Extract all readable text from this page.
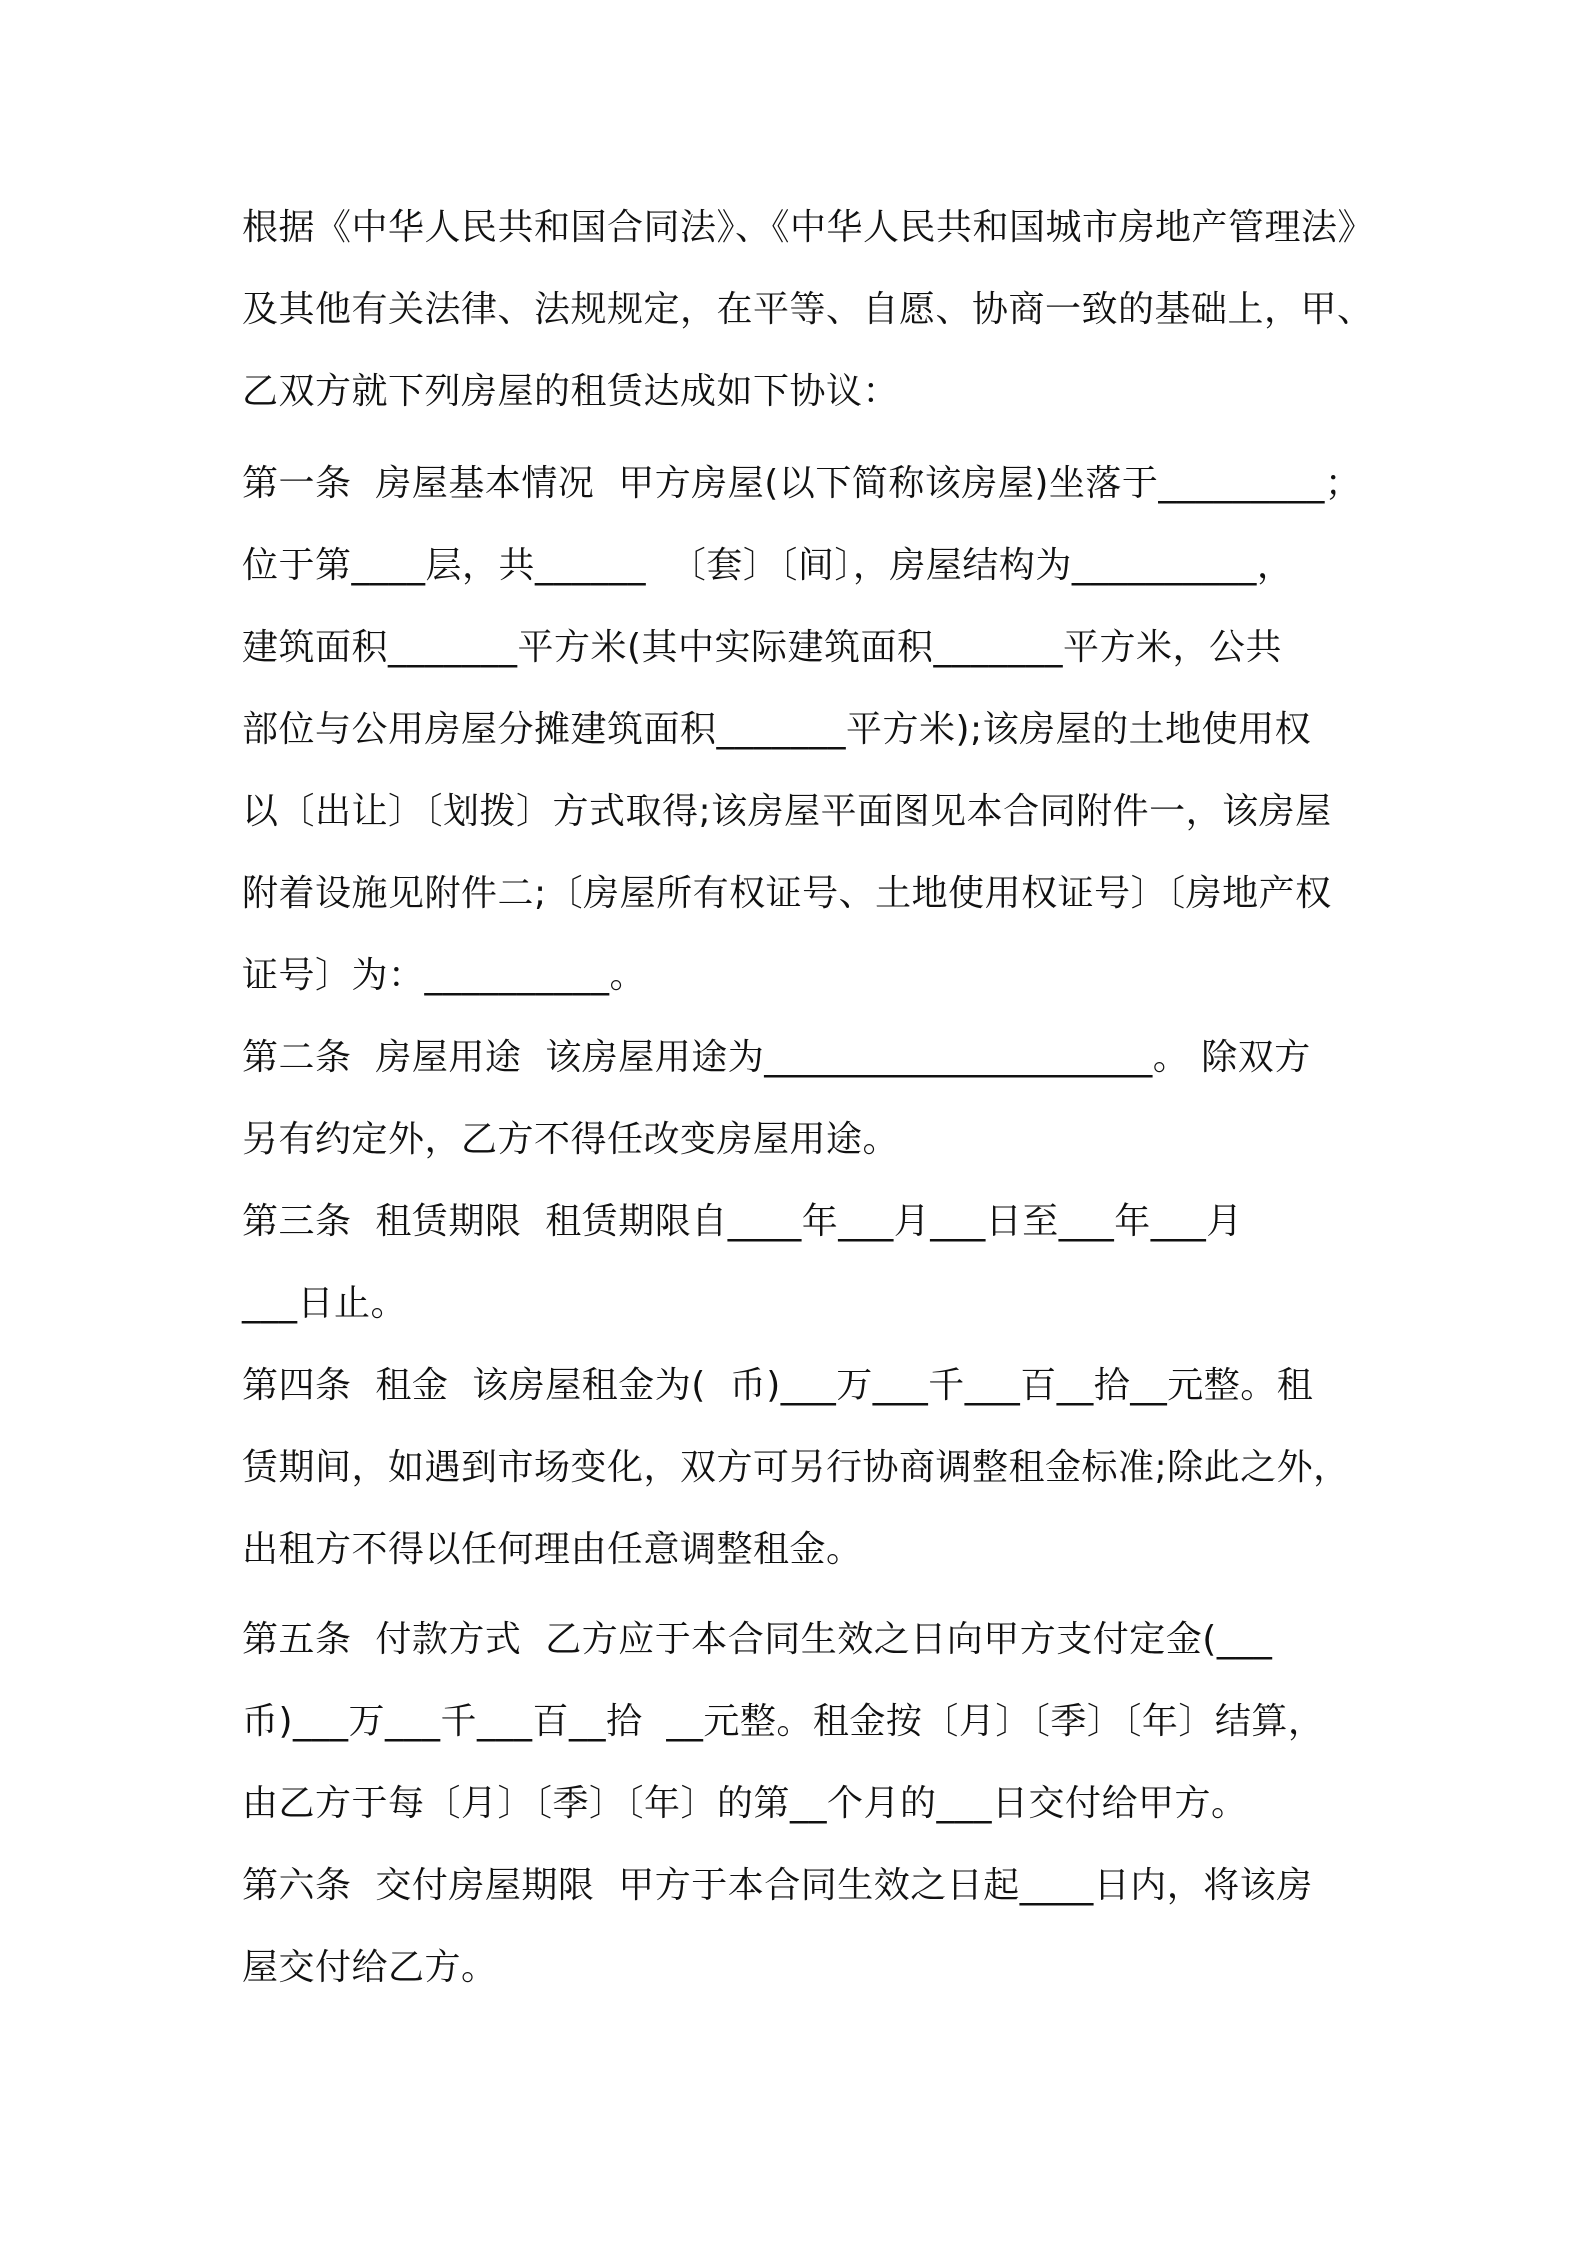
根据《中华人民共和国合同法》、《中华人民共和国城市房地产管理法》
及其他有关法律、法规规定，在平等、自愿、协商一致的基础上，甲、
乙双方就下列房屋的租赁达成如下协议：
第一条  房屋基本情况  甲方房屋(以下简称该房屋)坐落于_________；
位于第____层，共______  〔套〕〔间〕，房屋结构为__________，
建筑面积_______平方米(其中实际建筑面积_______平方米，公共
部位与公用房屋分摊建筑面积_______平方米);该房屋的土地使用权
以〔出让〕〔划拨〕方式取得;该房屋平面图见本合同附件一，该房屋
附着设施见附件二;〔房屋所有权证号、土地使用权证号〕〔房地产权
证号〕为：__________。
第二条  房屋用途  该房屋用途为_____________________。 除双方
另有约定外，乙方不得任改变房屋用途。
第三条  租赁期限  租赁期限自____年___月___日至___年___月
___日止。
第四条  租金  该房屋租金为(  币)___万___千___百__拾__元整。租
赁期间，如遇到市场变化，双方可另行协商调整租金标准;除此之外，
出租方不得以任何理由任意调整租金。
第五条  付款方式  乙方应于本合同生效之日向甲方支付定金(___
币)___万___千___百__拾  __元整。租金按〔月〕〔季〕〔年〕结算，
由乙方于每〔月〕〔季〕〔年〕的第__个月的___日交付给甲方。
第六条  交付房屋期限  甲方于本合同生效之日起____日内，将该房
屋交付给乙方。
